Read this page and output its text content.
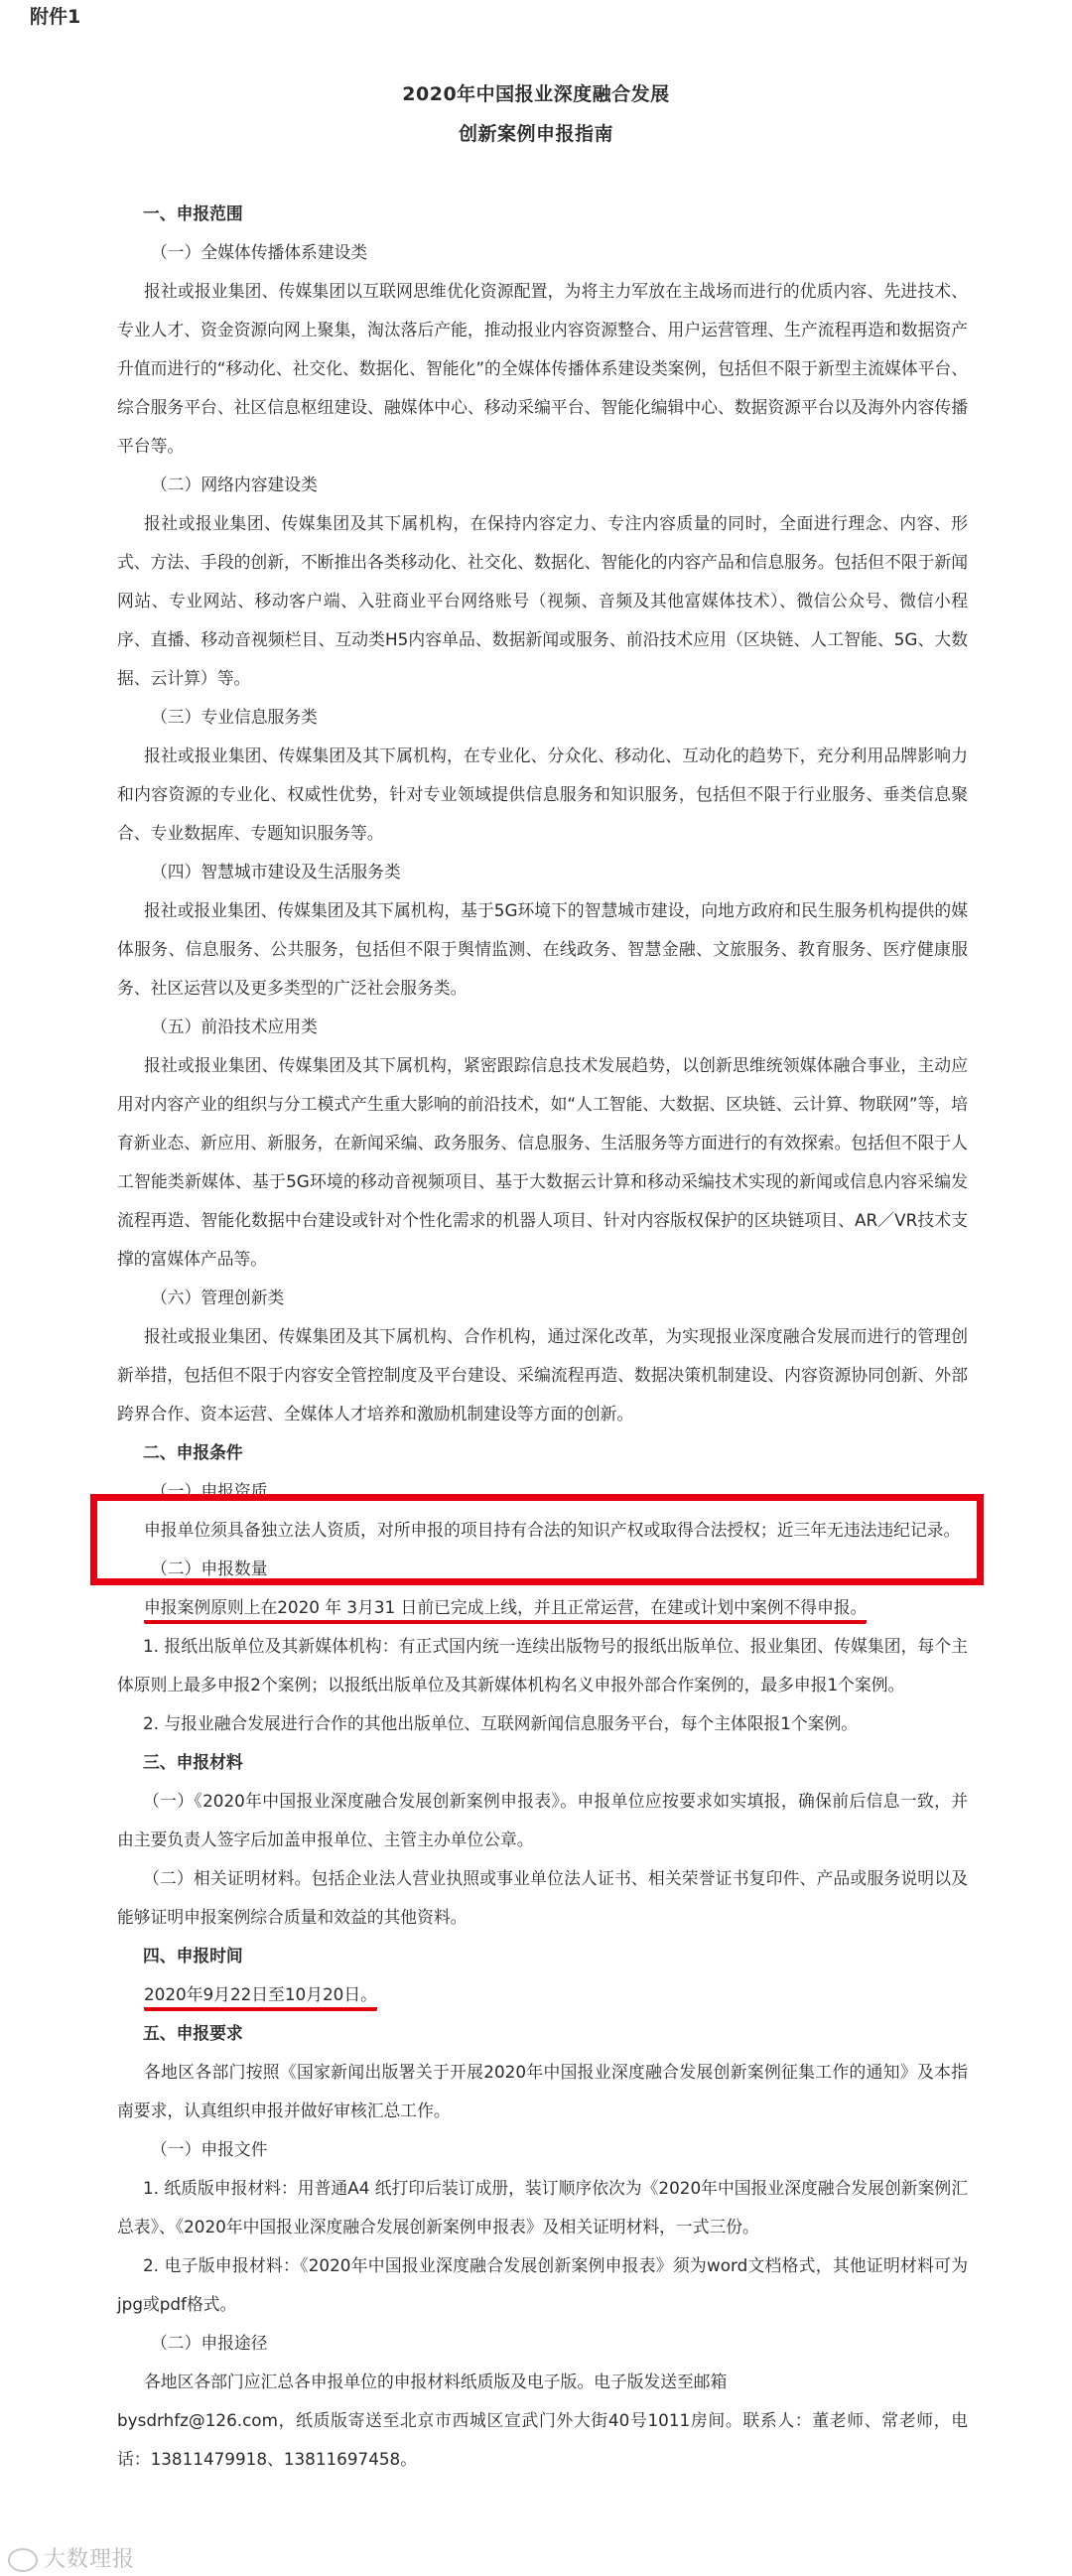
附件1
2020年中国报业深度融合发展
创新案例申报指南

一、申报范围

（一）全媒体传播体系建设类

报社或报业集团、传媒集团以互联网思维优化资源配置，为将主力军放在主战场而进行的优质内容、先进技术、专业人才、资金资源向网上聚集，淘汰落后产能，推动报业内容资源整合、用户运营管理、生产流程再造和数据资产升值而进行的“移动化、社交化、数据化、智能化”的全媒体传播体系建设类案例，包括但不限于新型主流媒体平台、综合服务平台、社区信息枢纽建设、融媒体中心、移动采编平台、智能化编辑中心、数据资源平台以及海外内容传播平台等。

（二）网络内容建设类

报社或报业集团、传媒集团及其下属机构，在保持内容定力、专注内容质量的同时，全面进行理念、内容、形式、方法、手段的创新，不断推出各类移动化、社交化、数据化、智能化的内容产品和信息服务。包括但不限于新闻网站、专业网站、移动客户端、入驻商业平台网络账号（视频、音频及其他富媒体技术）、微信公众号、微信小程序、直播、移动音视频栏目、互动类H5内容单品、数据新闻或服务、前沿技术应用（区块链、人工智能、5G、大数据、云计算）等。

（三）专业信息服务类

报社或报业集团、传媒集团及其下属机构，在专业化、分众化、移动化、互动化的趋势下，充分利用品牌影响力和内容资源的专业化、权威性优势，针对专业领域提供信息服务和知识服务，包括但不限于行业服务、垂类信息聚合、专业数据库、专题知识服务等。

（四）智慧城市建设及生活服务类

报社或报业集团、传媒集团及其下属机构，基于5G环境下的智慧城市建设，向地方政府和民生服务机构提供的媒体服务、信息服务、公共服务，包括但不限于舆情监测、在线政务、智慧金融、文旅服务、教育服务、医疗健康服务、社区运营以及更多类型的广泛社会服务类。

（五）前沿技术应用类

报社或报业集团、传媒集团及其下属机构，紧密跟踪信息技术发展趋势，以创新思维统领媒体融合事业，主动应用对内容产业的组织与分工模式产生重大影响的前沿技术，如“人工智能、大数据、区块链、云计算、物联网”等，培育新业态、新应用、新服务，在新闻采编、政务服务、信息服务、生活服务等方面进行的有效探索。包括但不限于人工智能类新媒体、基于5G环境的移动音视频项目、基于大数据云计算和移动采编技术实现的新闻或信息内容采编发流程再造、智能化数据中台建设或针对个性化需求的机器人项目、针对内容版权保护的区块链项目、AR／VR技术支撑的富媒体产品等。

（六）管理创新类

报社或报业集团、传媒集团及其下属机构、合作机构，通过深化改革，为实现报业深度融合发展而进行的管理创新举措，包括但不限于内容安全管控制度及平台建设、采编流程再造、数据决策机制建设、内容资源协同创新、外部跨界合作、资本运营、全媒体人才培养和激励机制建设等方面的创新。

二、申报条件

（一）申报资质

申报单位须具备独立法人资质，对所申报的项目持有合法的知识产权或取得合法授权；近三年无违法违纪记录。

（二）申报数量

申报案例原则上在2020 年 3月31 日前已完成上线，并且正常运营，在建或计划中案例不得申报。

1. 报纸出版单位及其新媒体机构：有正式国内统一连续出版物号的报纸出版单位、报业集团、传媒集团，每个主体原则上最多申报2个案例；以报纸出版单位及其新媒体机构名义申报外部合作案例的，最多申报1个案例。

2. 与报业融合发展进行合作的其他出版单位、互联网新闻信息服务平台，每个主体限报1个案例。

三、申报材料

（一）《2020年中国报业深度融合发展创新案例申报表》。申报单位应按要求如实填报，确保前后信息一致，并由主要负责人签字后加盖申报单位、主管主办单位公章。

（二）相关证明材料。包括企业法人营业执照或事业单位法人证书、相关荣誉证书复印件、产品或服务说明以及能够证明申报案例综合质量和效益的其他资料。

四、申报时间

2020年9月22日至10月20日。

五、申报要求

各地区各部门按照《国家新闻出版署关于开展2020年中国报业深度融合发展创新案例征集工作的通知》及本指南要求，认真组织申报并做好审核汇总工作。

（一）申报文件

1. 纸质版申报材料：用普通A4 纸打印后装订成册，装订顺序依次为《2020年中国报业深度融合发展创新案例汇总表》、《2020年中国报业深度融合发展创新案例申报表》及相关证明材料，一式三份。

2. 电子版申报材料：《2020年中国报业深度融合发展创新案例申报表》须为word文档格式，其他证明材料可为jpg或pdf格式。

（二）申报途径

各地区各部门应汇总各申报单位的申报材料纸质版及电子版。电子版发送至邮箱

bysdrhfz@126.com，纸质版寄送至北京市西城区宣武门外大街40号1011房间。联系人：董老师、常老师，电话：13811479918、13811697458。

大数理报
